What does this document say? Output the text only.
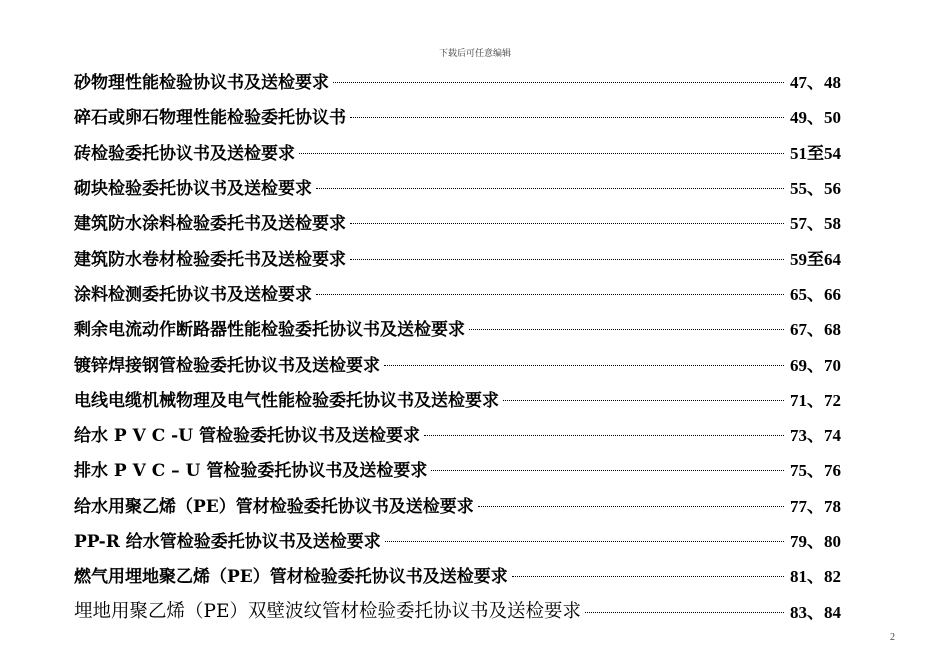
下载后可任意编辑
砂物理性能检验协议书及送检要求	47、48
碎石或卵石物理性能检验委托协议书	49、50
砖检验委托协议书及送检要求	51至54
砌块检验委托协议书及送检要求	55、56
建筑防水涂料检验委托书及送检要求	57、58
建筑防水卷材检验委托书及送检要求	59至64
涂料检测委托协议书及送检要求	65、66
剩余电流动作断路器性能检验委托协议书及送检要求	67、68
镀锌焊接钢管检验委托协议书及送检要求	69、70
电线电缆机械物理及电气性能检验委托协议书及送检要求	71、72
给水 P V C -U 管检验委托协议书及送检要求	73、74
排水 P V C – U 管检验委托协议书及送检要求	75、76
给水用聚乙烯（PE）管材检验委托协议书及送检要求	77、78
PP-R 给水管检验委托协议书及送检要求	79、80
燃气用埋地聚乙烯（PE）管材检验委托协议书及送检要求	81、82
埋地用聚乙烯（PE）双壁波纹管材检验委托协议书及送检要求	83、84
2
